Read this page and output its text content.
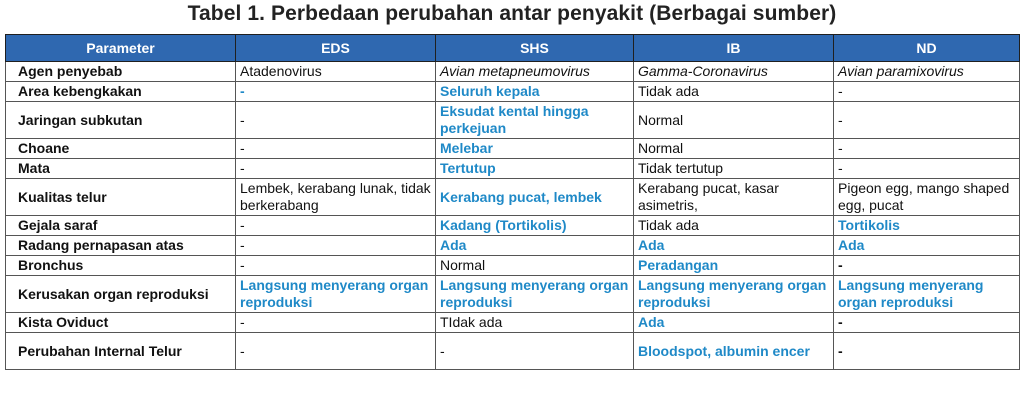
Tabel 1. Perbedaan perubahan antar penyakit (Berbagai sumber)
Parameter	EDS	SHS	IB	ND
Agen penyebab	Atadenovirus	Avian metapneumovirus	Gamma-Coronavirus	Avian paramixovirus
Area kebengkakan	-	Seluruh kepala	Tidak ada	-
Jaringan subkutan	-	Eksudat kental hingga perkejuan	Normal	-
Choane	-	Melebar	Normal	-
Mata	-	Tertutup	Tidak tertutup	-
Kualitas telur	Lembek, kerabang lunak, tidak berkerabang	Kerabang pucat, lembek	Kerabang pucat, kasar asimetris,	Pigeon egg, mango shaped egg, pucat
Gejala saraf	-	Kadang (Tortikolis)	Tidak ada	Tortikolis
Radang pernapasan atas	-	Ada	Ada	Ada
Bronchus	-	Normal	Peradangan	-
Kerusakan organ reproduksi	Langsung menyerang organ reproduksi	Langsung menyerang organ reproduksi	Langsung menyerang organ reproduksi	Langsung menyerang organ reproduksi
Kista Oviduct	-	TIdak ada	Ada	-
Perubahan Internal Telur	-	-	Bloodspot, albumin encer	-
